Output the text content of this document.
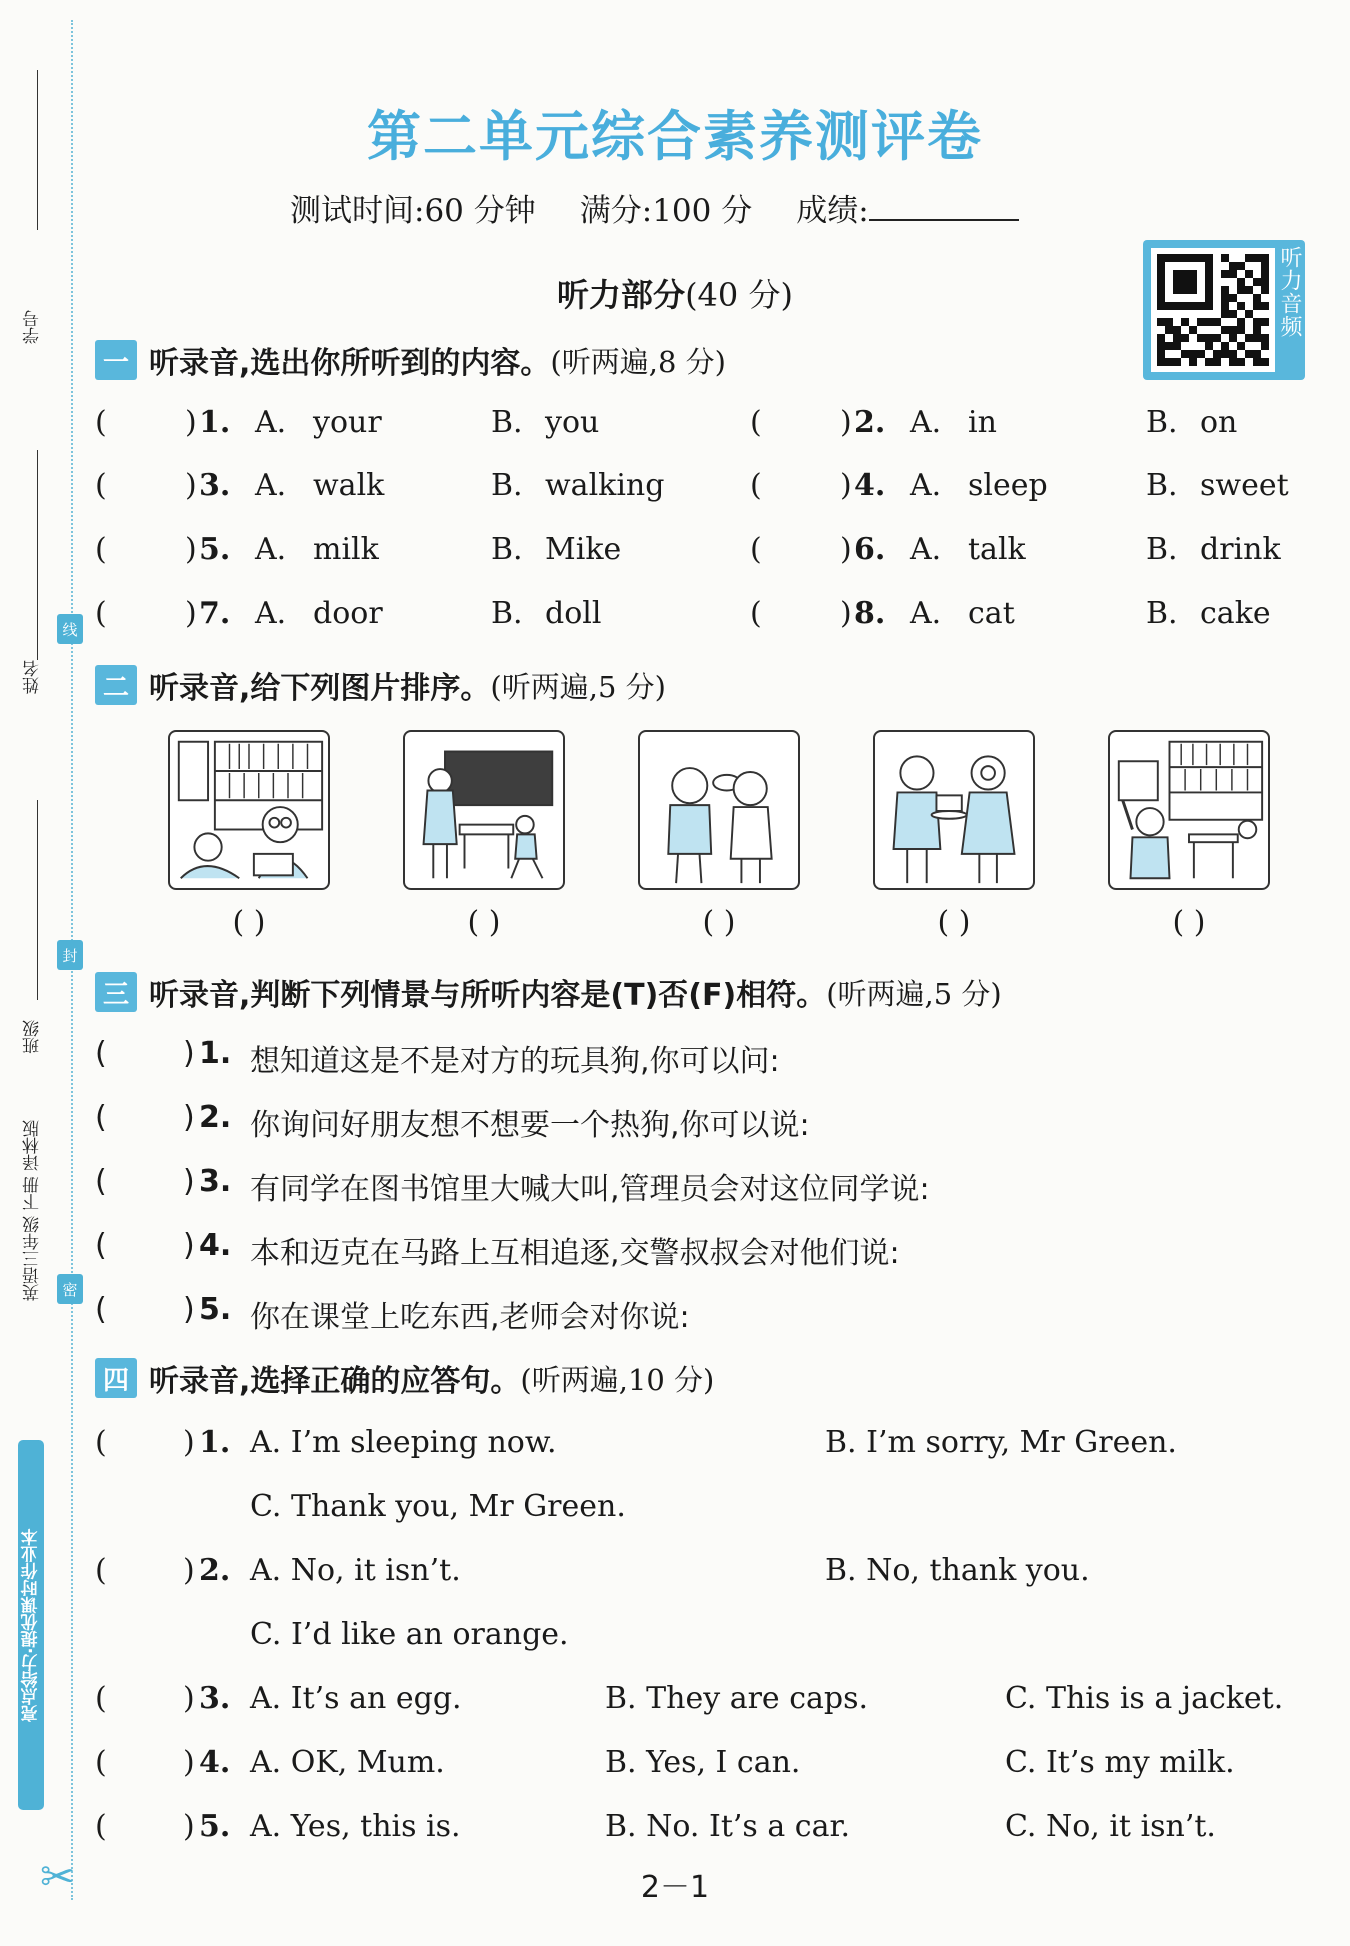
学号
姓名
班级
线
封
密
英语三年级 下册 译林版
亮点给力·提优课时作业本
✂
第二单元综合素养测评卷
测试时间:60 分钟 满分:100 分 成绩:
听力部分(40 分)	听力音频
一 听录音,选出你所听到的内容。 (听两遍,8 分)
(	) 1. A. your	B. you	(	) 2. A. in	B. on
(	) 3. A. walk	B. walking	(	) 4. A. sleep	B. sweet
(	) 5. A. milk	B. Mike	(	) 6. A. talk	B. drink
(	) 7. A. door	B. doll	(	) 8. A. cat	B. cake
二 听录音,给下列图片排序。 (听两遍,5 分)
( )	( )	( )	( )	( )
三 听录音,判断下列情景与所听内容是(T)否(F)相符。 (听两遍,5 分)
(	) 1. 想知道这是不是对方的玩具狗,你可以问:
(	) 2. 你询问好朋友想不想要一个热狗,你可以说:
(	) 3. 有同学在图书馆里大喊大叫,管理员会对这位同学说:
(	) 4. 本和迈克在马路上互相追逐,交警叔叔会对他们说:
(	) 5. 你在课堂上吃东西,老师会对你说:
四 听录音,选择正确的应答句。 (听两遍,10 分)
(	) 1. A. I’m sleeping now.	B. I’m sorry, Mr Green.
C. Thank you, Mr Green.
(	) 2. A. No, it isn’t.	B. No, thank you.
C. I’d like an orange.
(	) 3. A. It’s an egg.	B. They are caps.	C. This is a jacket.
(	) 4. A. OK, Mum.	B. Yes, I can.	C. It’s my milk.
(	) 5. A. Yes, this is.	B. No. It’s a car.	C. No, it isn’t.
2－1
